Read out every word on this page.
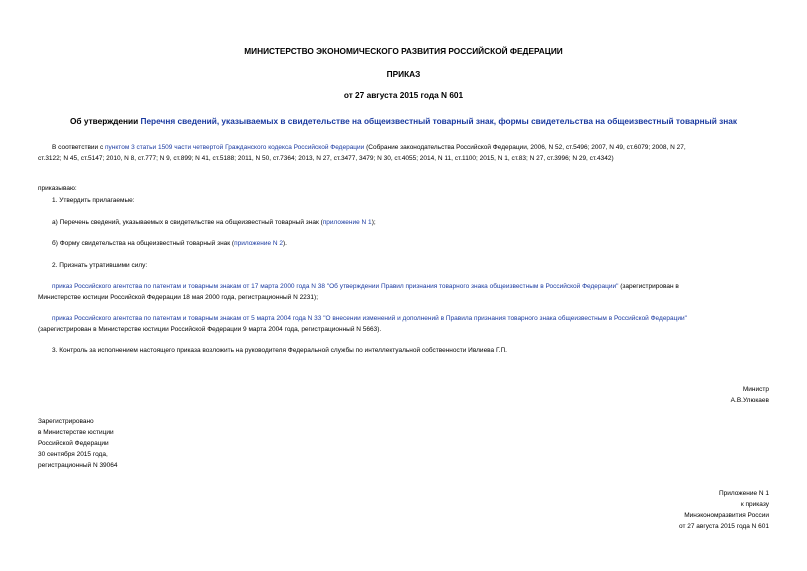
МИНИСТЕРСТВО ЭКОНОМИЧЕСКОГО РАЗВИТИЯ РОССИЙСКОЙ ФЕДЕРАЦИИ
ПРИКАЗ
от 27 августа 2015 года N 601
Об утверждении Перечня сведений, указываемых в свидетельстве на общеизвестный товарный знак, формы свидетельства на общеизвестный товарный знак
В соответствии с пунктом 3 статьи 1509 части четвертой Гражданского кодекса Российской Федерации (Собрание законодательства Российской Федерации, 2006, N 52, ст.5496; 2007, N 49, ст.6079; 2008, N 27,
ст.3122; N 45, ст.5147; 2010, N 8, ст.777; N 9, ст.899; N 41, ст.5188; 2011, N 50, ст.7364; 2013, N 27, ст.3477, 3479; N 30, ст.4055; 2014, N 11, ст.1100; 2015, N 1, ст.83; N 27, ст.3996; N 29, ст.4342)
приказываю:
1. Утвердить прилагаемые:
а) Перечень сведений, указываемых в свидетельстве на общеизвестный товарный знак (приложение N 1);
б) Форму свидетельства на общеизвестный товарный знак (приложение N 2).
2. Признать утратившими силу:
приказ Российского агентства по патентам и товарным знакам от 17 марта 2000 года N 38 "Об утверждении Правил признания товарного знака общеизвестным в Российской Федерации" (зарегистрирован в
Министерстве юстиции Российской Федерации 18 мая 2000 года, регистрационный N 2231);
приказ Российского агентства по патентам и товарным знакам от 5 марта 2004 года N 33 "О внесении изменений и дополнений в Правила признания товарного знака общеизвестным в Российской Федерации"
(зарегистрирован в Министерстве юстиции Российской Федерации 9 марта 2004 года, регистрационный N 5663).
3. Контроль за исполнением настоящего приказа возложить на руководителя Федеральной службы по интеллектуальной собственности Ивлиева Г.П.
Министр
А.В.Улюкаев
Зарегистрировано
в Министерстве юстиции
Российской Федерации
30 сентября 2015 года,
регистрационный N 39064
Приложение N 1
к приказу
Минэкономразвития России
от 27 августа 2015 года N 601
